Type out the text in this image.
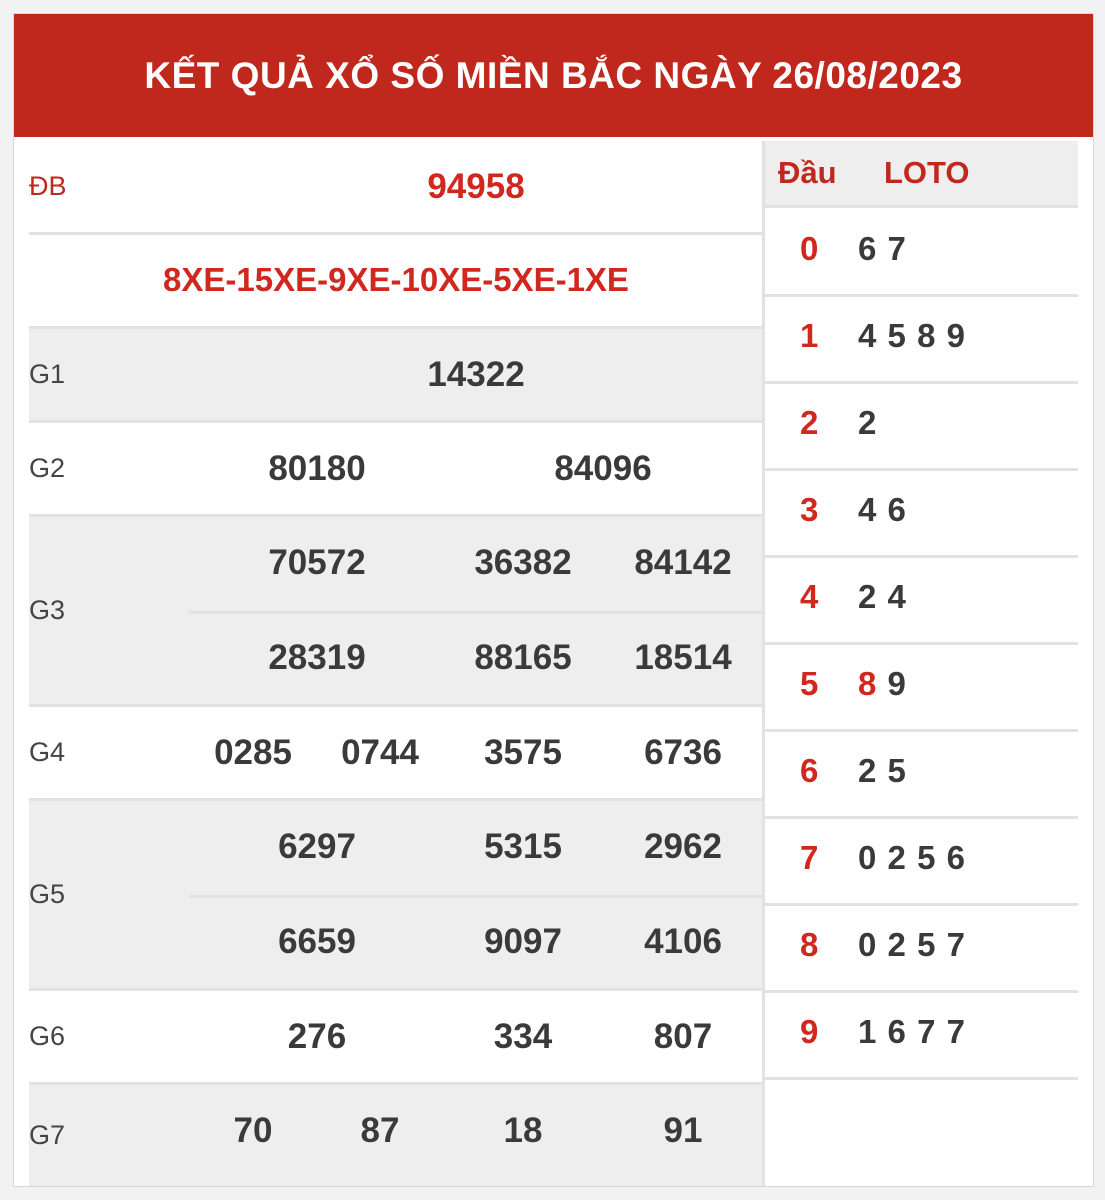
KẾT QUẢ XỔ SỐ MIỀN BẮC NGÀY 26/08/2023
ĐB	94958
8XE-15XE-9XE-10XE-5XE-1XE
G1	14322
G2	80180	84096
G3
70572	36382 84142
28319	88165 18514
G4	0285 0744 3575 6736
G5
6297	5315 2962
6659	9097 4106
G6	276	334	807
G7	70	87	18	91
Đầu LOTO
0 6 7
1 4 5 8 9
2 2
3 4 6
4 2 4
5 8 9
6 2 5
7 0 2 5 6
8 0 2 5 7
9 1 6 7 7
